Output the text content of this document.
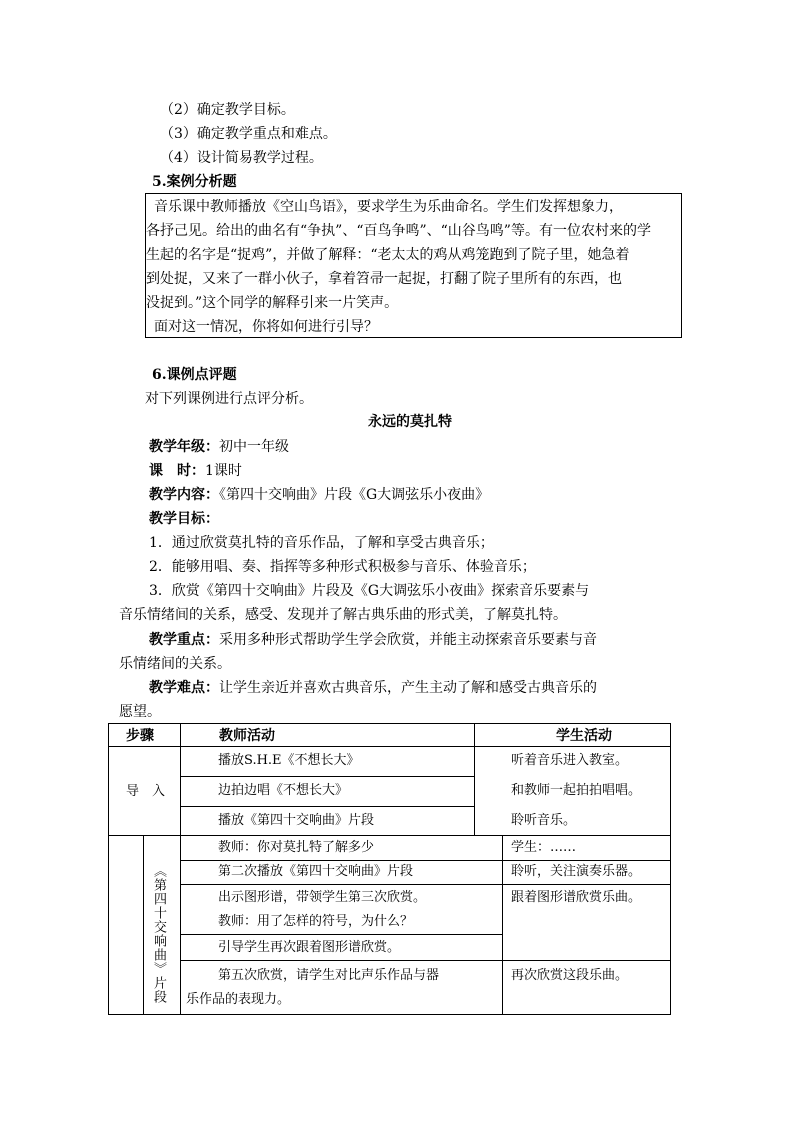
（2）确定教学目标。
（3）确定教学重点和难点。
（4）设计简易教学过程。
5.案例分析题
音乐课中教师播放《空山鸟语》，要求学生为乐曲命名。学生们发挥想象力，
各抒己见。给出的曲名有“争执”、“百鸟争鸣”、“山谷鸟鸣”等。有一位农村来的学
生起的名字是“捉鸡”，并做了解释：“老太太的鸡从鸡笼跑到了院子里，她急着
到处捉，又来了一群小伙子，拿着笤帚一起捉，打翻了院子里所有的东西，也
没捉到。”这个同学的解释引来一片笑声。
面对这一情况，你将如何进行引导？
6.课例点评题
对下列课例进行点评分析。
永远的莫扎特
教学年级：初中一年级
课　时：1课时
教学内容：《第四十交响曲》片段《G大调弦乐小夜曲》
教学目标：
1．通过欣赏莫扎特的音乐作品，了解和享受古典音乐；
2．能够用唱、奏、指挥等多种形式积极参与音乐、体验音乐；
3．欣赏《第四十交响曲》片段及《G大调弦乐小夜曲》探索音乐要素与
音乐情绪间的关系，感受、发现并了解古典乐曲的形式美，了解莫扎特。
教学重点：采用多种形式帮助学生学会欣赏，并能主动探索音乐要素与音
乐情绪间的关系。
教学难点：让学生亲近并喜欢古典音乐，产生主动了解和感受古典音乐的
愿望。
步骤	教师活动	学生活动
导　入
播放S.H.E《不想长大》
边拍边唱《不想长大》
播放《第四十交响曲》片段
听着音乐进入教室。
和教师一起拍拍唱唱。
聆听音乐。
《第四十交响曲》片段
教师：你对莫扎特了解多少
第二次播放《第四十交响曲》片段
出示图形谱，带领学生第三次欣赏。
教师：用了怎样的符号，为什么？
引导学生再次跟着图形谱欣赏。
第五次欣赏，请学生对比声乐作品与器
乐作品的表现力。
学生：……
聆听，关注演奏乐器。
跟着图形谱欣赏乐曲。
再次欣赏这段乐曲。
